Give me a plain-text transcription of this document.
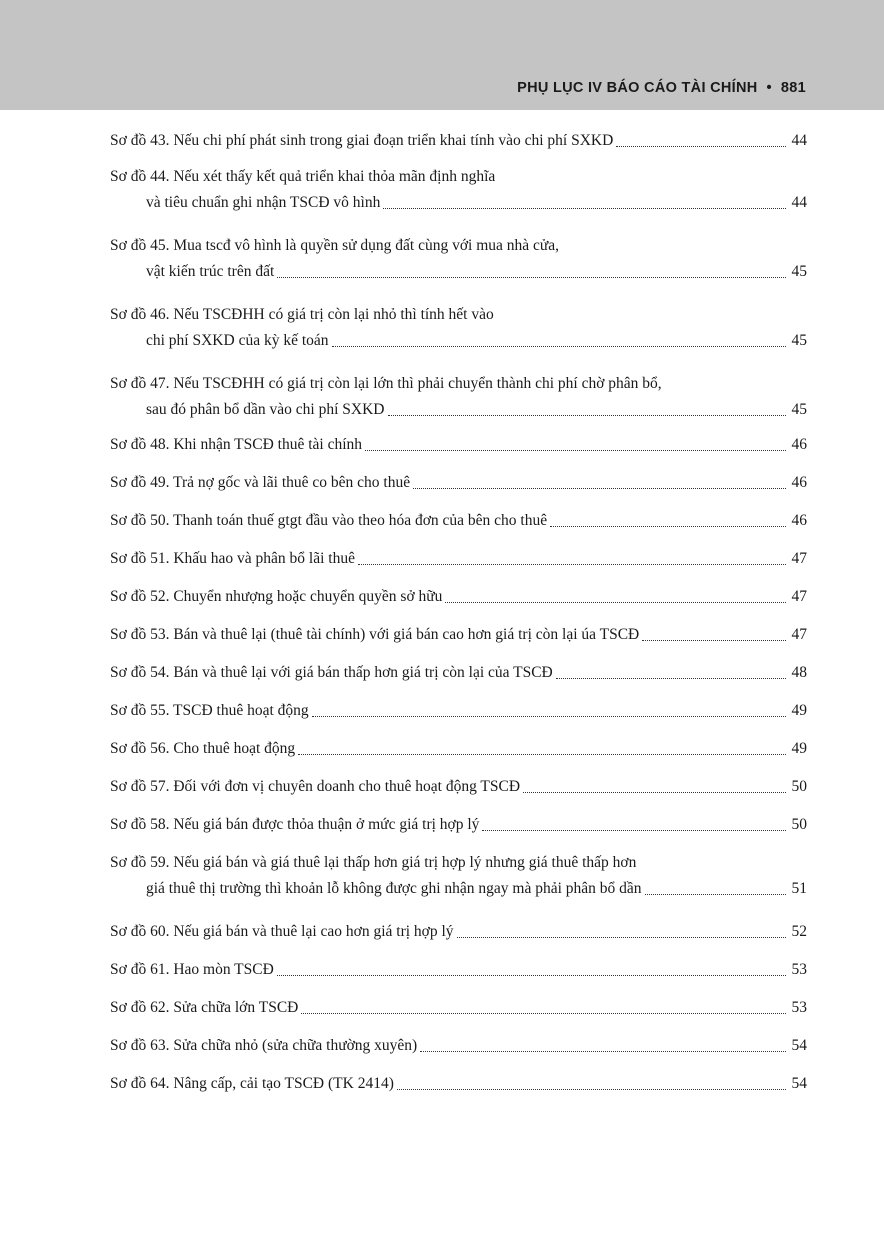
PHỤ LỤC IV BÁO CÁO TÀI CHÍNH • 881
Sơ đồ 43. Nếu chi phí phát sinh trong giai đoạn triển khai tính vào chi phí SXKD	44
Sơ đồ 44. Nếu xét thấy kết quả triển khai thỏa mãn định nghĩa
và tiêu chuẩn ghi nhận TSCĐ vô hình	44
Sơ đồ 45. Mua tscđ vô hình là quyền sử dụng đất cùng với mua nhà cửa,
vật kiến trúc trên đất	45
Sơ đồ 46. Nếu TSCĐHH có giá trị còn lại nhỏ thì tính hết vào
chi phí SXKD của kỳ kế toán	45
Sơ đồ 47. Nếu TSCĐHH có giá trị còn lại lớn thì phải chuyển thành chi phí chờ phân bổ,
sau đó phân bổ dần vào chi phí SXKD	45
Sơ đồ 48. Khi nhận TSCĐ thuê tài chính	46
Sơ đồ 49. Trả nợ gốc và lãi thuê co bên cho thuê	46
Sơ đồ 50. Thanh toán thuế gtgt đầu vào theo hóa đơn của bên cho thuê	46
Sơ đồ 51. Khấu hao và phân bổ lãi thuê	47
Sơ đồ 52. Chuyển nhượng hoặc chuyển quyền sở hữu	47
Sơ đồ 53. Bán và thuê lại (thuê tài chính) với giá bán cao hơn giá trị còn lại úa TSCĐ	47
Sơ đồ 54. Bán và thuê lại với giá bán thấp hơn giá trị còn lại của TSCĐ	48
Sơ đồ 55. TSCĐ thuê hoạt động	49
Sơ đồ 56. Cho thuê hoạt động	49
Sơ đồ 57. Đối với đơn vị chuyên doanh cho thuê hoạt động TSCĐ	50
Sơ đồ 58. Nếu giá bán được thỏa thuận ở mức giá trị hợp lý	50
Sơ đồ 59. Nếu giá bán và giá thuê lại thấp hơn giá trị hợp lý nhưng giá thuê thấp hơn
giá thuê thị trường thì khoản lỗ không được ghi nhận ngay mà phải phân bổ dần	51
Sơ đồ 60. Nếu giá bán và thuê lại cao hơn giá trị hợp lý	52
Sơ đồ 61. Hao mòn TSCĐ	53
Sơ đồ 62. Sửa chữa lớn TSCĐ	53
Sơ đồ 63. Sửa chữa nhỏ (sửa chữa thường xuyên)	54
Sơ đồ 64. Nâng cấp, cải tạo TSCĐ (TK 2414)	54
